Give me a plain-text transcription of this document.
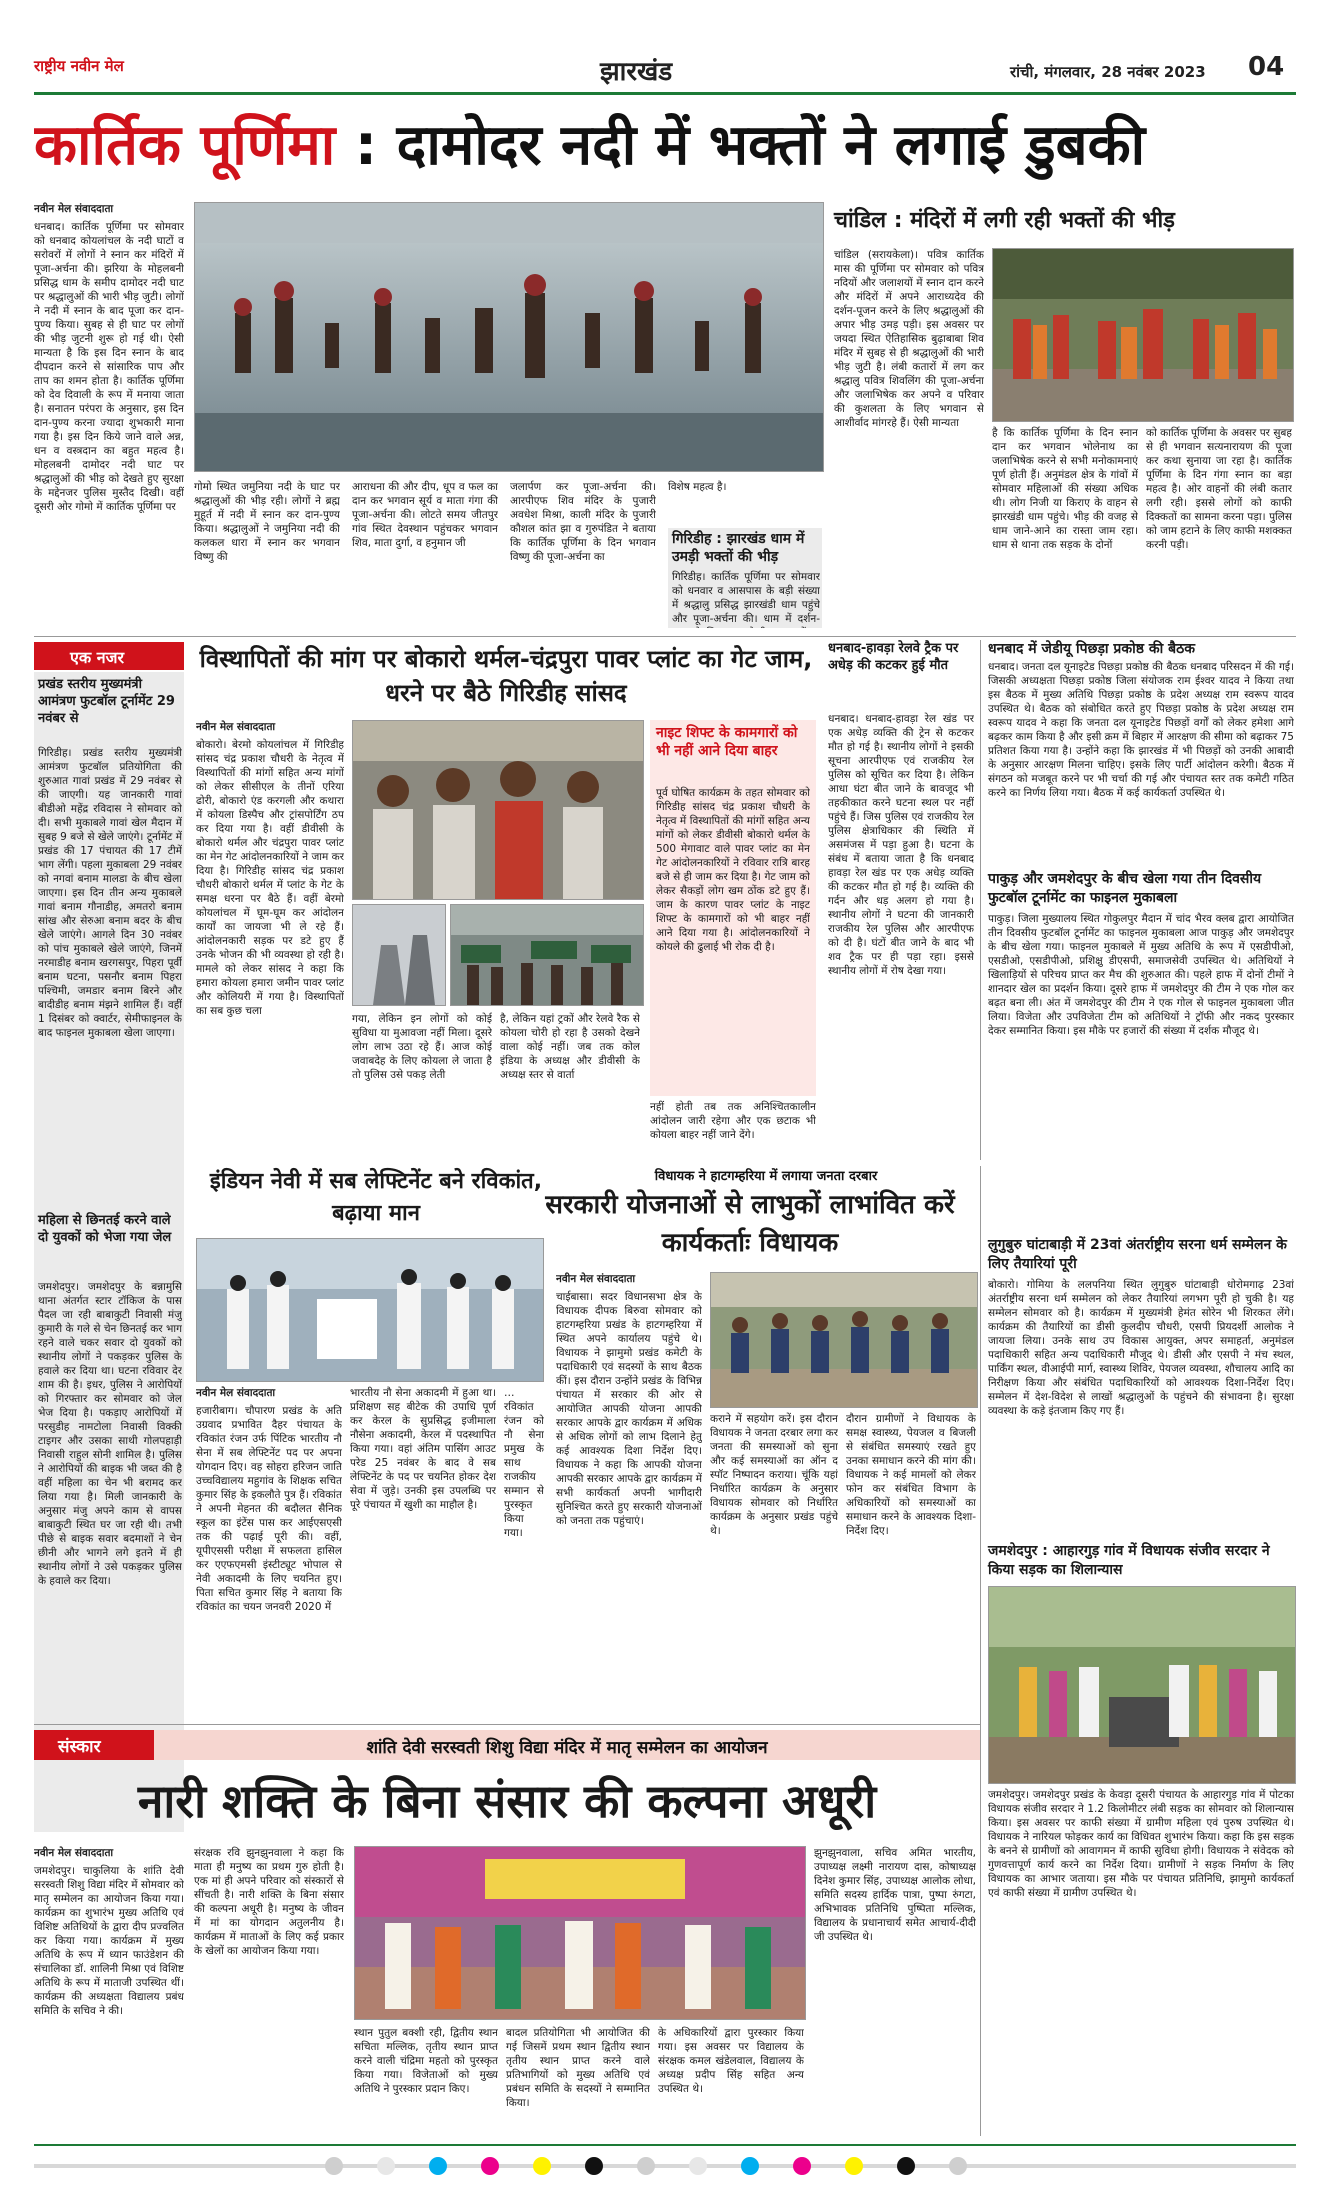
राष्ट्रीय नवीन मेल	झारखंड	रांची, मंगलवार, 28 नवंबर 2023 04
कार्तिक पूर्णिमा : दामोदर नदी में भक्तों ने लगाई डुबकी
नवीन मेल संवाददाता
धनबाद। कार्तिक पूर्णिमा पर सोमवार को धनबाद कोयलांचल के नदी घाटों व सरोवरों में लोगों ने स्नान कर मंदिरों में पूजा-अर्चना की। झरिया के मोहलबनी प्रसिद्ध धाम के समीप दामोदर नदी घाट पर श्रद्धालुओं की भारी भीड़ जुटी। लोगों ने नदी में स्नान के बाद पूजा कर दान-पुण्य किया। सुबह से ही घाट पर लोगों की भीड़ जुटनी शुरू हो गई थी। ऐसी मान्यता है कि इस दिन स्नान के बाद दीपदान करने से सांसारिक पाप और ताप का शमन होता है। कार्तिक पूर्णिमा को देव दिवाली के रूप में मनाया जाता है। सनातन परंपरा के अनुसार, इस दिन दान-पुण्य करना ज्यादा शुभकारी माना गया है। इस दिन किये जाने वाले अन्न, धन व वस्त्रदान का बहुत महत्व है। मोहलबनी दामोदर नदी घाट पर श्रद्धालुओं की भीड़ को देखते हुए सुरक्षा के मद्देनजर पुलिस मुस्तैद दिखी। वहीं दूसरी ओर गोमो में कार्तिक पूर्णिमा पर
गोमो स्थित जमुनिया नदी के घाट पर श्रद्धालुओं की भीड़ रही। लोगों ने ब्रह्म मुहूर्त में नदी में स्नान कर दान-पुण्य किया। श्रद्धालुओं ने जमुनिया नदी की कलकल धारा में स्नान कर भगवान विष्णु की
आराधना की और दीप, धूप व फल का दान कर भगवान सूर्य व माता गंगा की पूजा-अर्चना की। लोटते समय जीतपुर गांव स्थित देवस्थान पहुंचकर भगवान शिव, माता दुर्गा, व हनुमान जी
जलार्पण कर पूजा-अर्चना की। आरपीएफ शिव मंदिर के पुजारी अवधेश मिश्रा, काली मंदिर के पुजारी कौशल कांत झा व गुरुपंडित ने बताया कि कार्तिक पूर्णिमा के दिन भगवान विष्णु की पूजा-अर्चना का
विशेष महत्व है।
गिरिडीह : झारखंड धाम में उमड़ी भक्तों की भीड़
गिरिडीह। कार्तिक पूर्णिमा पर सोमवार को धनवार व आसपास के बड़ी संख्या में श्रद्धालु प्रसिद्ध झारखंडी धाम पहुंचे और पूजा-अर्चना की। धाम में दर्शन-
चांडिल : मंदिरों में लगी रही भक्तों की भीड़
चांडिल (सरायकेला)। पवित्र कार्तिक मास की पूर्णिमा पर सोमवार को पवित्र नदियों और जलाशयों में स्नान दान करने और मंदिरों में अपने आराध्यदेव की दर्शन-पूजन करने के लिए श्रद्धालुओं की अपार भीड़ उमड़ पड़ी। इस अवसर पर जयदा स्थित ऐतिहासिक बुढ़ाबाबा शिव मंदिर में सुबह से ही श्रद्धालुओं की भारी भीड़ जुटी है। लंबी कतारों में लग कर श्रद्धालु पवित्र शिवलिंग की पूजा-अर्चना और जलाभिषेक कर अपने व परिवार की कुशलता के लिए भगवान से आशीर्वाद मांगरहे हैं। ऐसी मान्यता
है कि कार्तिक पूर्णिमा के दिन स्नान दान कर भगवान भोलेनाथ का जलाभिषेक करने से सभी मनोकामनाएं पूर्ण होती हैं। अनुमंडल क्षेत्र के गांवों में सोमवार महिलाओं की संख्या अधिक थी। लोग निजी या किराए के वाहन से झारखंडी धाम पहुंचे। भीड़ की वजह से धाम जाने-आने का रास्ता जाम रहा। धाम से थाना तक सड़क के दोनों
को कार्तिक पूर्णिमा के अवसर पर सुबह से ही भगवान सत्यनारायण की पूजा कर कथा सुनाया जा रहा है। कार्तिक पूर्णिमा के दिन गंगा स्नान का बड़ा महत्व है। ओर वाहनों की लंबी कतार लगी रही। इससे लोगों को काफी दिक्कतों का सामना करना पड़ा। पुलिस को जाम हटाने के लिए काफी मशक्कत करनी पड़ी।
एक नजर
प्रखंड स्तरीय मुख्यमंत्री आमंत्रण फुटबॉल टूर्नामेंट 29 नवंबर से
गिरिडीह। प्रखंड स्तरीय मुख्यमंत्री आमंत्रण फुटबॉल प्रतियोगिता की शुरुआत गावां प्रखंड में 29 नवंबर से की जाएगी। यह जानकारी गावां बीडीओ महेंद्र रविदास ने सोमवार को दी। सभी मुकाबले गावां खेल मैदान में सुबह 9 बजे से खेले जाएंगे। टूर्नामेंट में प्रखंड की 17 पंचायत की 17 टीमें भाग लेंगी। पहला मुकाबला 29 नवंबर को नगवां बनाम मालडा के बीच खेला जाएगा। इस दिन तीन अन्य मुकाबले गावां बनाम गौनाडीह, अमतरो बनाम सांख और सेरुआ बनाम बदर के बीच खेले जाएंगे। आगले दिन 30 नवंबर को पांच मुकाबले खेले जाएंगे, जिनमें नरमाडीह बनाम खरगसपुर, पिहरा पूर्वी बनाम घटना, पसनौर बनाम पिहरा पश्चिमी, जमडार बनाम बिरने और बादीडीह बनाम मंझने शामिल हैं। वहीं 1 दिसंबर को क्वार्टर, सेमीफाइनल के बाद फाइनल मुकाबला खेला जाएगा।
महिला से छिनतई करने वाले दो युवकों को भेजा गया जेल
जमशेदपुर। जमशेदपुर के बन्नामुसि थाना अंतर्गत स्टार टॉकिज के पास पैदल जा रही बाबाकुटी निवासी मंजु कुमारी के गले से चेन छिनतई कर भाग रहने वाले चकर सवार दो युवकों को स्थानीय लोगों ने पकड़कर पुलिस के हवाले कर दिया था। घटना रविवार देर शाम की है। इधर, पुलिस ने आरोपियों को गिरफ्तार कर सोमवार को जेल भेज दिया है। पकड़ाए आरोपियों में परसुडीह नामटोला निवासी विक्की टाइगर और उसका साथी गोलपहाड़ी निवासी राहुल सोनी शामिल है। पुलिस ने आरोपियों की बाइक भी जब्त की है वहीं महिला का चेन भी बरामद कर लिया गया है। मिली जानकारी के अनुसार मंजु अपने काम से वापस बाबाकुटी स्थित घर जा रही थी। तभी पीछे से बाइक सवार बदमाशों ने चेन छीनी और भागने लगे इतने में ही स्थानीय लोगों ने उसे पकड़कर पुलिस के हवाले कर दिया।
विस्थापितों की मांग पर बोकारो थर्मल-चंद्रपुरा पावर प्लांट का गेट जाम, धरने पर बैठे गिरिडीह सांसद
नवीन मेल संवाददाता
बोकारो। बेरमो कोयलांचल में गिरिडीह सांसद चंद्र प्रकाश चौधरी के नेतृत्व में विस्थापितों की मांगों सहित अन्य मांगों को लेकर सीसीएल के तीनों एरिया ढोरी, बोकारो एंड करगली और कथारा में कोयला डिस्पैच और ट्रांसपोर्टिंग ठप कर दिया गया है। वहीं डीवीसी के बोकारो थर्मल और चंद्रपुरा पावर प्लांट का मेन गेट आंदोलनकारियों ने जाम कर दिया है। गिरिडीह सांसद चंद्र प्रकाश चौधरी बोकारो थर्मल में प्लांट के गेट के समक्ष धरना पर बैठे हैं। वहीं बेरमो कोयलांचल में घूम-घूम कर आंदोलन कार्यों का जायजा भी ले रहे हैं। आंदोलनकारी सड़क पर डटे हुए हैं उनके भोजन की भी व्यवस्था हो रही है। मामले को लेकर सांसद ने कहा कि हमारा कोयला हमारा जमीन पावर प्लांट और कोलियरी में गया है। विस्थापितों का सब कुछ चला
गया, लेकिन इन लोगों को कोई सुविधा या मुआवजा नहीं मिला। दूसरे लोग लाभ उठा रहे हैं। आज कोई जवाबदेह के लिए कोयला ले जाता है तो पुलिस उसे पकड़ लेती
है, लेकिन यहां ट्रकों और रेलवे रैक से कोयला चोरी हो रहा है उसको देखने वाला कोई नहीं। जब तक कोल इंडिया के अध्यक्ष और डीवीसी के अध्यक्ष स्तर से वार्ता
नाइट शिफ्ट के कामगारों को भी नहीं आने दिया बाहर
पूर्व घोषित कार्यक्रम के तहत सोमवार को गिरिडीह सांसद चंद्र प्रकाश चौधरी के नेतृत्व में विस्थापितों की मांगों सहित अन्य मांगों को लेकर डीवीसी बोकारो थर्मल के 500 मेगावाट वाले पावर प्लांट का मेन गेट आंदोलनकारियों ने रविवार रात्रि बारह बजे से ही जाम कर दिया है। गेट जाम को लेकर सैकड़ों लोग खम ठोंक डटे हुए हैं। जाम के कारण पावर प्लांट के नाइट शिफ्ट के कामगारों को भी बाहर नहीं आने दिया गया है। आंदोलनकारियों ने कोयले की ढुलाई भी रोक दी है।
नहीं होती तब तक अनिश्चितकालीन आंदोलन जारी रहेगा और एक छटाक भी कोयला बाहर नहीं जाने देंगे।
इंडियन नेवी में सब लेफ्टिनेंट बने रविकांत, बढ़ाया मान
नवीन मेल संवाददाता
हजारीबाग। चौपारण प्रखंड के अति उग्रवाद प्रभावित दैहर पंचायत के रविकांत रंजन उर्फ पिंटिक भारतीय नौ सेना में सब लेफ्टिनेंट पद पर अपना योगदान दिए। वह सोहरा हरिजन जाति उच्चविद्यालय महुगांव के शिक्षक सचित कुमार सिंह के इकलौते पुत्र हैं। रविकांत ने अपनी मेहनत की बदौलत सैनिक स्कूल का इंटेंस पास कर आईएसएसी तक की पढ़ाई पूरी की। वहीं, यूपीएससी परीक्षा में सफलता हासिल कर एएफएमसी इंस्टीट्यूट भोपाल से नेवी अकादमी के लिए चयनित हुए। पिता सचित कुमार सिंह ने बताया कि रविकांत का चयन जनवरी 2020 में
भारतीय नौ सेना अकादमी में हुआ था। प्रशिक्षण सह बीटेक की उपाधि पूर्ण कर केरल के सुप्रसिद्ध इजीमाला नौसेना अकादमी, केरल में पदस्थापित किया गया। वहां अंतिम पासिंग आउट परेड 25 नवंबर के बाद वे सब लेफ्टिनेंट के पद पर चयनित होकर देश सेवा में जुड़े। उनकी इस उपलब्धि पर पूरे पंचायत में खुशी का माहौल है।
… रविकांत रंजन को नौ सेना प्रमुख के साथ राजकीय सम्मान से पुरस्कृत किया गया।
विधायक ने हाटगम्हरिया में लगाया जनता दरबार
सरकारी योजनाओं से लाभुकों लाभांवित करें कार्यकर्ताः विधायक
नवीन मेल संवाददाता
चाईबासा। सदर विधानसभा क्षेत्र के विधायक दीपक बिरुवा सोमवार को हाटगम्हरिया प्रखंड के हाटगम्हरिया में स्थित अपने कार्यालय पहुंचे थे। विधायक ने झामुमो प्रखंड कमेटी के पदाधिकारी एवं सदस्यों के साथ बैठक कीं। इस दौरान उन्होंने प्रखंड के विभिन्न पंचायत में सरकार की ओर से आयोजित आपकी योजना आपकी सरकार आपके द्वार कार्यक्रम में अधिक से अधिक लोगों को लाभ दिलाने हेतु कई आवश्यक दिशा निर्देश दिए। विधायक ने कहा कि आपकी योजना आपकी सरकार आपके द्वार कार्यक्रम में सभी कार्यकर्ता अपनी भागीदारी सुनिश्चित करते हुए सरकारी योजनाओं को जनता तक पहुंचाएं।
कराने में सहयोग करें। इस दौरान विधायक ने जनता दरबार लगा कर जनता की समस्याओं को सुना और कई समस्याओं का ऑन द स्पॉट निष्पादन कराया। चूंकि यहां निर्धारित कार्यक्रम के अनुसार विधायक सोमवार को निर्धारित कार्यक्रम के अनुसार प्रखंड पहुंचे थे।
दौरान ग्रामीणों ने विधायक के समक्ष स्वास्थ्य, पेयजल व बिजली से संबंधित समस्याएं रखते हुए उनका समाधान करने की मांग की। विधायक ने कई मामलों को लेकर फोन कर संबंधित विभाग के अधिकारियों को समस्याओं का समाधान करने के आवश्यक दिशा-निर्देश दिए।
धनबाद-हावड़ा रेलवे ट्रैक पर अधेड़ की कटकर हुई मौत
धनबाद। धनबाद-हावड़ा रेल खंड पर एक अधेड़ व्यक्ति की ट्रेन से कटकर मौत हो गई है। स्थानीय लोगों ने इसकी सूचना आरपीएफ एवं राजकीय रेल पुलिस को सूचित कर दिया है। लेकिन आधा घंटा बीत जाने के बावजूद भी तहकीकात करने घटना स्थल पर नहीं पहुंचे हैं। जिस पुलिस एवं राजकीय रेल पुलिस क्षेत्राधिकार की स्थिति में असमंजस में पड़ा हुआ है। घटना के संबंध में बताया जाता है कि धनबाद हावड़ा रेल खंड पर एक अधेड़ व्यक्ति की कटकर मौत हो गई है। व्यक्ति की गर्दन और धड़ अलग हो गया है। स्थानीय लोगों ने घटना की जानकारी राजकीय रेल पुलिस और आरपीएफ को दी है। घंटों बीत जाने के बाद भी शव ट्रैक पर ही पड़ा रहा। इससे स्थानीय लोगों में रोष देखा गया।
धनबाद में जेडीयू पिछड़ा प्रकोष्ठ की बैठक
धनबाद। जनता दल यूनाइटेड पिछड़ा प्रकोष्ठ की बैठक धनबाद परिसदन में की गई। जिसकी अध्यक्षता पिछड़ा प्रकोष्ठ जिला संयोजक राम ईश्वर यादव ने किया तथा इस बैठक में मुख्य अतिथि पिछड़ा प्रकोष्ठ के प्रदेश अध्यक्ष राम स्वरूप यादव उपस्थित थे। बैठक को संबोधित करते हुए पिछड़ा प्रकोष्ठ के प्रदेश अध्यक्ष राम स्वरूप यादव ने कहा कि जनता दल यूनाइटेड पिछड़ों वर्गों को लेकर हमेशा आगे बढ़कर काम किया है और इसी क्रम में बिहार में आरक्षण की सीमा को बढ़ाकर 75 प्रतिशत किया गया है। उन्होंने कहा कि झारखंड में भी पिछड़ों को उनकी आबादी के अनुसार आरक्षण मिलना चाहिए। इसके लिए पार्टी आंदोलन करेगी। बैठक में संगठन को मजबूत करने पर भी चर्चा की गई और पंचायत स्तर तक कमेटी गठित करने का निर्णय लिया गया। बैठक में कई कार्यकर्ता उपस्थित थे।
पाकुड़ और जमशेदपुर के बीच खेला गया तीन दिवसीय फुटबॉल टूर्नामेंट का फाइनल मुकाबला
पाकुड़। जिला मुख्यालय स्थित गोकुलपुर मैदान में चांद भैरव क्लब द्वारा आयोजित तीन दिवसीय फुटबॉल टूर्नामेंट का फाइनल मुकाबला आज पाकुड़ और जमशेदपुर के बीच खेला गया। फाइनल मुकाबले में मुख्य अतिथि के रूप में एसडीपीओ, एसडीओ, एसडीपीओ, प्रशिक्षु डीएसपी, समाजसेवी उपस्थित थे। अतिथियों ने खिलाड़ियों से परिचय प्राप्त कर मैच की शुरुआत की। पहले हाफ में दोनों टीमों ने शानदार खेल का प्रदर्शन किया। दूसरे हाफ में जमशेदपुर की टीम ने एक गोल कर बढ़त बना ली। अंत में जमशेदपुर की टीम ने एक गोल से फाइनल मुकाबला जीत लिया। विजेता और उपविजेता टीम को अतिथियों ने ट्रॉफी और नकद पुरस्कार देकर सम्मानित किया। इस मौके पर हजारों की संख्या में दर्शक मौजूद थे।
लुगुबुरु घांटाबाड़ी में 23वां अंतर्राष्ट्रीय सरना धर्म सम्मेलन के लिए तैयारियां पूरी
बोकारो। गोमिया के ललपनिया स्थित लुगुबुरु घांटाबाड़ी धोरोमगाढ़ 23वां अंतर्राष्ट्रीय सरना धर्म सम्मेलन को लेकर तैयारियां लगभग पूरी हो चुकी है। यह सम्मेलन सोमवार को है। कार्यक्रम में मुख्यमंत्री हेमंत सोरेन भी शिरकत लेंगे। कार्यक्रम की तैयारियों का डीसी कुलदीप चौधरी, एसपी प्रियदर्शी आलोक ने जायजा लिया। उनके साथ उप विकास आयुक्त, अपर समाहर्ता, अनुमंडल पदाधिकारी सहित अन्य पदाधिकारी मौजूद थे। डीसी और एसपी ने मंच स्थल, पार्किंग स्थल, वीआईपी मार्ग, स्वास्थ्य शिविर, पेयजल व्यवस्था, शौचालय आदि का निरीक्षण किया और संबंधित पदाधिकारियों को आवश्यक दिशा-निर्देश दिए। सम्मेलन में देश-विदेश से लाखों श्रद्धालुओं के पहुंचने की संभावना है। सुरक्षा व्यवस्था के कड़े इंतजाम किए गए हैं।
जमशेदपुर : आहारगुड़ गांव में विधायक संजीव सरदार ने किया सड़क का शिलान्यास
जमशेदपुर। जमशेदपुर प्रखंड के केवड़ा दूसरी पंचायत के आहारगुड़ गांव में पोटका विधायक संजीव सरदार ने 1.2 किलोमीटर लंबी सड़क का सोमवार को शिलान्यास किया। इस अवसर पर काफी संख्या में ग्रामीण महिला एवं पुरुष उपस्थित थे। विधायक ने नारियल फोड़कर कार्य का विधिवत शुभारंभ किया। कहा कि इस सड़क के बनने से ग्रामीणों को आवागमन में काफी सुविधा होगी। विधायक ने संवेदक को गुणवत्तापूर्ण कार्य करने का निर्देश दिया। ग्रामीणों ने सड़क निर्माण के लिए विधायक का आभार जताया। इस मौके पर पंचायत प्रतिनिधि, झामुमो कार्यकर्ता एवं काफी संख्या में ग्रामीण उपस्थित थे।
संस्कार	शांति देवी सरस्वती शिशु विद्या मंदिर में मातृ सम्मेलन का आयोजन
नारी शक्ति के बिना संसार की कल्पना अधूरी
नवीन मेल संवाददाता
जमशेदपुर। चाकुलिया के शांति देवी सरस्वती शिशु विद्या मंदिर में सोमवार को मातृ सम्मेलन का आयोजन किया गया। कार्यक्रम का शुभारंभ मुख्य अतिथि एवं विशिष्ट अतिथियों के द्वारा दीप प्रज्वलित कर किया गया। कार्यक्रम में मुख्य अतिथि के रूप में ध्यान फाउंडेशन की संचालिका डॉ. शालिनी मिश्रा एवं विशिष्ट अतिथि के रूप में माताजी उपस्थित थीं। कार्यक्रम की अध्यक्षता विद्यालय प्रबंध समिति के सचिव ने की।
संरक्षक रवि झुनझुनवाला ने कहा कि माता ही मनुष्य का प्रथम गुरु होती है। एक मां ही अपने परिवार को संस्कारों से सींचती है। नारी शक्ति के बिना संसार की कल्पना अधूरी है। मनुष्य के जीवन में मां का योगदान अतुलनीय है। कार्यक्रम में माताओं के लिए कई प्रकार के खेलों का आयोजन किया गया।
स्थान पुतुल बक्शी रही, द्वितीय स्थान सचिता मल्लिक, तृतीय स्थान प्राप्त करने वाली चंद्रिमा महतो को पुरस्कृत किया गया। विजेताओं को मुख्य अतिथि ने पुरस्कार प्रदान किए।
बादल प्रतियोगिता भी आयोजित की गई जिसमें प्रथम स्थान द्वितीय स्थान तृतीय स्थान प्राप्त करने वाले प्रतिभागियों को मुख्य अतिथि एवं प्रबंधन समिति के सदस्यों ने सम्मानित किया।
के अधिकारियों द्वारा पुरस्कार किया गया। इस अवसर पर विद्यालय के संरक्षक कमल खंडेलवाल, विद्यालय के अध्यक्ष प्रदीप सिंह सहित अन्य उपस्थित थे।
झुनझुनवाला, सचिव अमित भारतीय, उपाध्यक्ष लक्ष्मी नारायण दास, कोषाध्यक्ष दिनेश कुमार सिंह, उपाध्यक्ष आलोक लोधा, समिति सदस्य हार्दिक पात्रा, पुष्पा रुंगटा, अभिभावक प्रतिनिधि पुष्पिता मल्लिक, विद्यालय के प्रधानाचार्य समेत आचार्य-दीदी जी उपस्थित थे।
